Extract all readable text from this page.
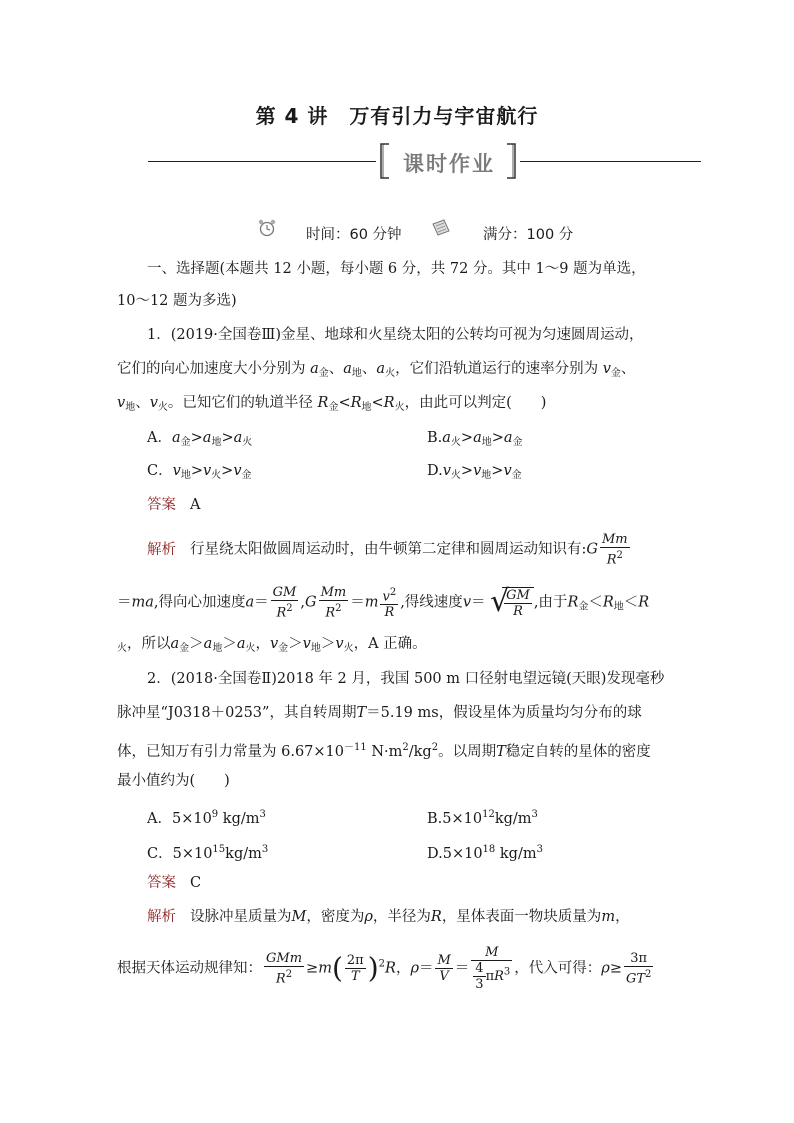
第 4 讲　万有引力与宇宙航行
课时作业
时间：60 分钟	满分：100 分
一、选择题(本题共 12 小题，每小题 6 分，共 72 分。其中 1～9 题为单选，
10～12 题为多选)
1．(2019·全国卷Ⅲ)金星、地球和火星绕太阳的公转均可视为匀速圆周运动，
它们的向心加速度大小分别为 $a_金$、$a_地$、$a_火$，它们沿轨道运行的速率分别为 $v_金$、
$v_地$、$v_火$。已知它们的轨道半径 $R_金<R_地<R_火$，由此可以判定(　　)
A．$a_金>a_地>a_火$	$B.a_火>a_地>a_金$
C．$v_地>v_火>v_金$	$D.v_火>v_地>v_金$
答案 A
解析 行星绕太阳做圆周运动时，由牛顿第二定律和圆周运动知识有:G $\frac{Mm}{R^2}$
＝ma,得向心加速度$a= \frac{GM}{R^2} ,G \frac{Mm}{R^2} =m \frac{v^2}{R}$ ,得线速度v＝ √
$\frac{GM}{R}$ ,由于$R_金<R_地<R$
$_火$，所以$a_金>a_地>a_火$，$v_金>v_地>v_火$，A 正确。
2．(2018·全国卷Ⅱ)2018 年 2 月，我国 500 m 口径射电望远镜(天眼)发现毫秒
脉冲星“J0318＋0253”，其自转周期T＝5.19 ms，假设星体为质量均匀分布的球
体，已知万有引力常量为 $6.67\times 10^{-11}$ $N\cdot m^2/kg^2$。以周期T稳定自转的星体的密度
最小值约为(　　)
A．$5\times 10^9$ $kg/m^3$	$B.5\times 10^{12}kg/m^3$
C．$5\times 10^{15}kg/m^3$	$D.5\times 10^{18}$ $kg/m^3$
答案 C
解析 设脉冲星质量为M，密度为ρ，半径为R，星体表面一物块质量为m，
根据天体运动规律知： $\frac{\text{GMm}}{R^2} \ge m( \frac{2\pi}{T} )^2R$，$\rho= \frac{M}{V} = \frac{M}{\frac{4}{3} \pi R^3}$ ，代入可得：$\rho\ge \frac{3\pi}{GT^2}$
